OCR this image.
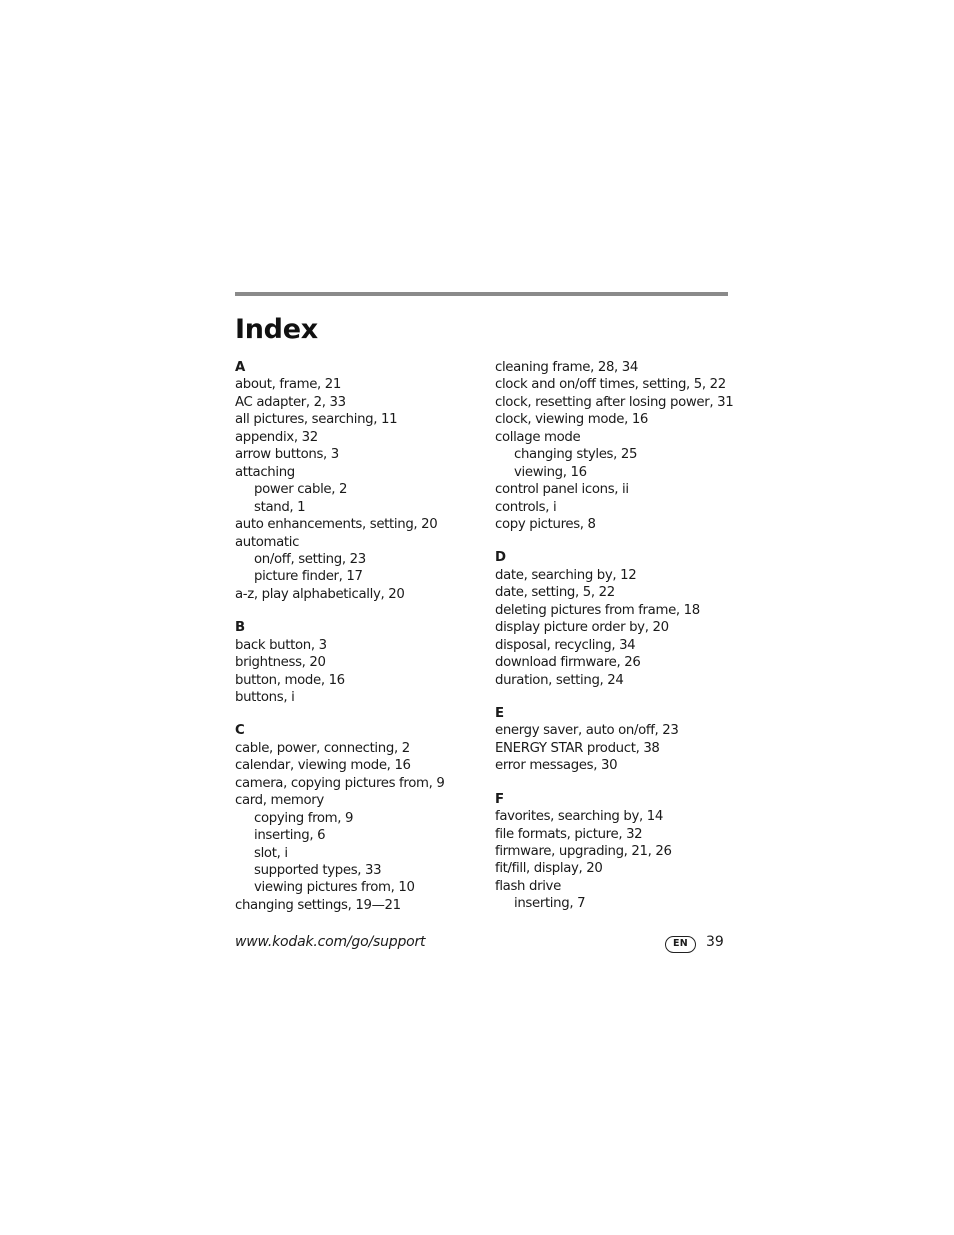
Index
A
about, frame, 21
AC adapter, 2, 33
all pictures, searching, 11
appendix, 32
arrow buttons, 3
attaching
power cable, 2
stand, 1
auto enhancements, setting, 20
automatic
on/off, setting, 23
picture finder, 17
a-z, play alphabetically, 20
B
back button, 3
brightness, 20
button, mode, 16
buttons, i
C
cable, power, connecting, 2
calendar, viewing mode, 16
camera, copying pictures from, 9
card, memory
copying from, 9
inserting, 6
slot, i
supported types, 33
viewing pictures from, 10
changing settings, 19—21
cleaning frame, 28, 34
clock and on/off times, setting, 5, 22
clock, resetting after losing power, 31
clock, viewing mode, 16
collage mode
changing styles, 25
viewing, 16
control panel icons, ii
controls, i
copy pictures, 8
D
date, searching by, 12
date, setting, 5, 22
deleting pictures from frame, 18
display picture order by, 20
disposal, recycling, 34
download firmware, 26
duration, setting, 24
E
energy saver, auto on/off, 23
ENERGY STAR product, 38
error messages, 30
F
favorites, searching by, 14
file formats, picture, 32
firmware, upgrading, 21, 26
fit/fill, display, 20
flash drive
inserting, 7
www.kodak.com/go/support	EN	39
